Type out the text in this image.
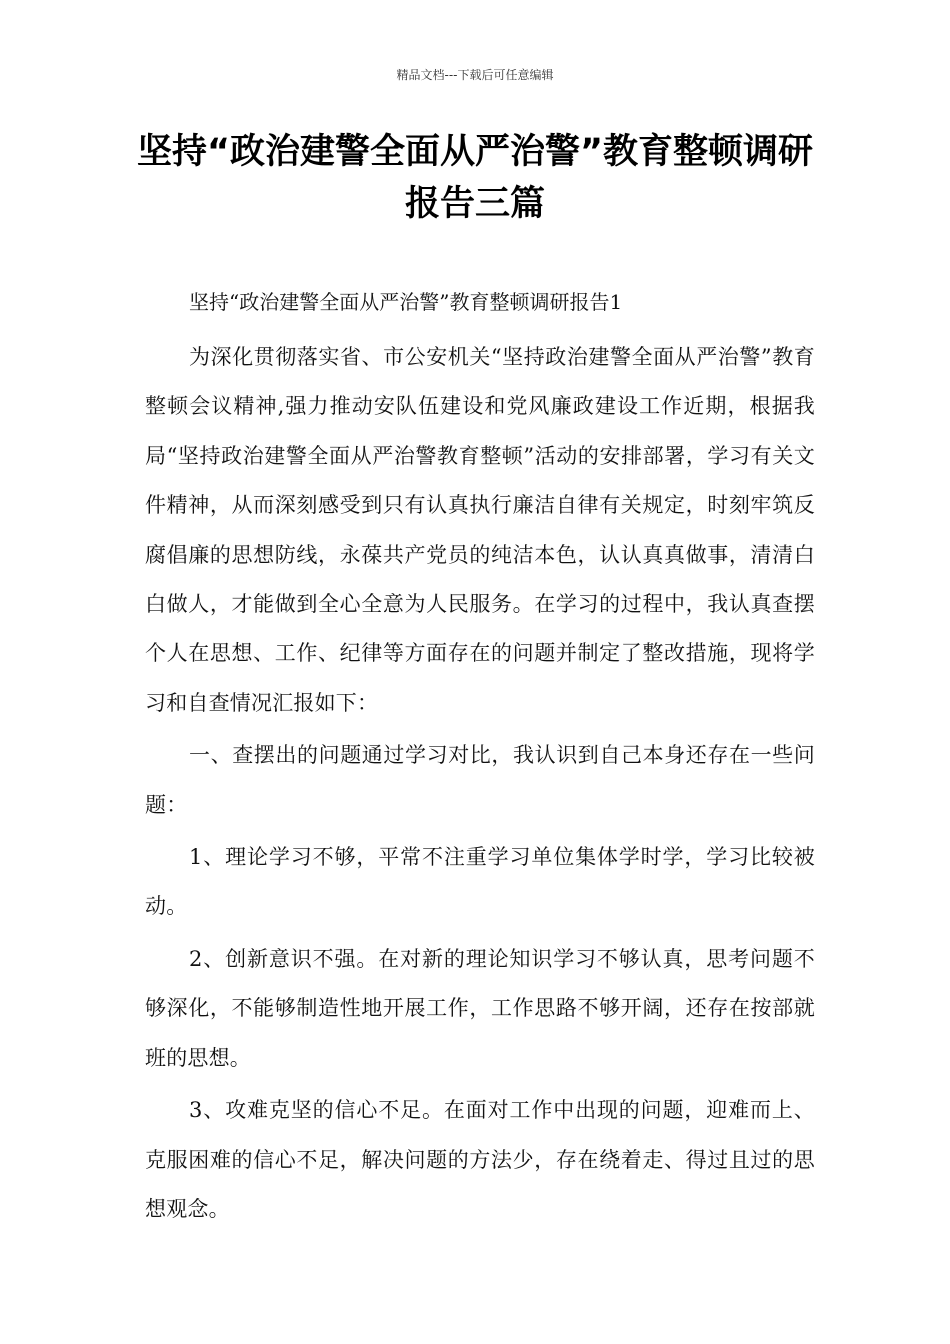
精品文档---下载后可任意编辑
坚持“政治建警全面从严治警”教育整顿调研报告三篇

坚持“政治建警全面从严治警”教育整顿调研报告1

为深化贯彻落实省、市公安机关“坚持政治建警全面从严治警”教育整顿会议精神,强力推动安队伍建设和党风廉政建设工作近期，根据我局“坚持政治建警全面从严治警教育整顿”活动的安排部署，学习有关文件精神，从而深刻感受到只有认真执行廉洁自律有关规定，时刻牢筑反腐倡廉的思想防线，永葆共产党员的纯洁本色，认认真真做事，清清白白做人，才能做到全心全意为人民服务。在学习的过程中，我认真查摆个人在思想、工作、纪律等方面存在的问题并制定了整改措施，现将学习和自查情况汇报如下：

一、查摆出的问题通过学习对比，我认识到自己本身还存在一些问题：

1、理论学习不够，平常不注重学习单位集体学时学，学习比较被动。

2、创新意识不强。在对新的理论知识学习不够认真，思考问题不够深化，不能够制造性地开展工作，工作思路不够开阔，还存在按部就班的思想。

3、攻难克坚的信心不足。在面对工作中出现的问题，迎难而上、克服困难的信心不足，解决问题的方法少，存在绕着走、得过且过的思想观念。
